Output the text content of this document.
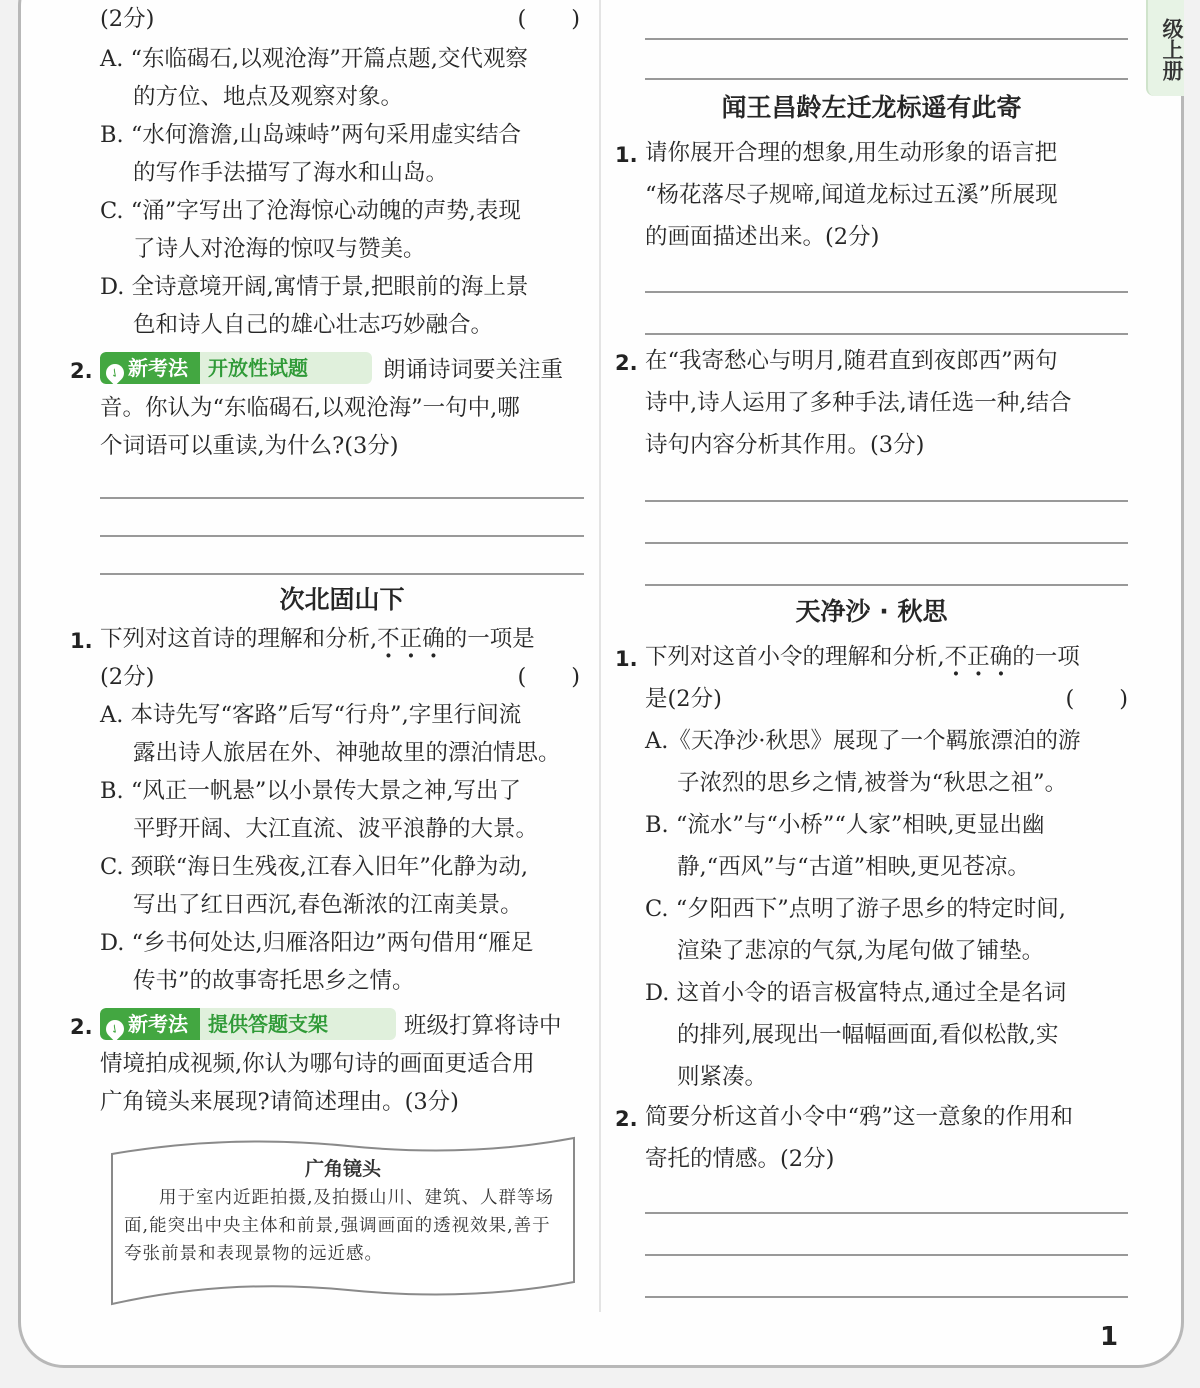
级上册
(2分)	(　　)
A. “东临碣石,以观沧海”开篇点题,交代观察
的方位、地点及观察对象。
B. “水何澹澹,山岛竦峙”两句采用虚实结合
的写作手法描写了海水和山岛。
C. “涌”字写出了沧海惊心动魄的声势,表现
了诗人对沧海的惊叹与赞美。
D. 全诗意境开阔,寓情于景,把眼前的海上景
色和诗人自己的雄心壮志巧妙融合。
2.	✓ 新考法 开放性试题	朗诵诗词要关注重
音。你认为“东临碣石,以观沧海”一句中,哪
个词语可以重读,为什么?(3分)
次北固山下
1. 下列对这首诗的理解和分析,不正确的一项是
(2分)	(　　)
A. 本诗先写“客路”后写“行舟”,字里行间流
露出诗人旅居在外、神驰故里的漂泊情思。
B. “风正一帆悬”以小景传大景之神,写出了
平野开阔、大江直流、波平浪静的大景。
C. 颈联“海日生残夜,江春入旧年”化静为动,
写出了红日西沉,春色渐浓的江南美景。
D. “乡书何处达,归雁洛阳边”两句借用“雁足
传书”的故事寄托思乡之情。
2.	✓ 新考法 提供答题支架	班级打算将诗中
情境拍成视频,你认为哪句诗的画面更适合用
广角镜头来展现?请简述理由。(3分)
广角镜头
用于室内近距拍摄,及拍摄山川、建筑、人群等场面,能突出中央主体和前景,强调画面的透视效果,善于夸张前景和表现景物的远近感。
闻王昌龄左迁龙标遥有此寄
1. 请你展开合理的想象,用生动形象的语言把
“杨花落尽子规啼,闻道龙标过五溪”所展现
的画面描述出来。(2分)
2. 在“我寄愁心与明月,随君直到夜郎西”两句
诗中,诗人运用了多种手法,请任选一种,结合
诗句内容分析其作用。(3分)
天净沙 · 秋思
1. 下列对这首小令的理解和分析,不正确的一项
是(2分)	(　　)
A.《天净沙·秋思》展现了一个羁旅漂泊的游
子浓烈的思乡之情,被誉为“秋思之祖”。
B. “流水”与“小桥”“人家”相映,更显出幽
静,“西风”与“古道”相映,更见苍凉。
C. “夕阳西下”点明了游子思乡的特定时间,
渲染了悲凉的气氛,为尾句做了铺垫。
D. 这首小令的语言极富特点,通过全是名词
的排列,展现出一幅幅画面,看似松散,实
则紧凑。
2. 简要分析这首小令中“鸦”这一意象的作用和
寄托的情感。(2分)
1
